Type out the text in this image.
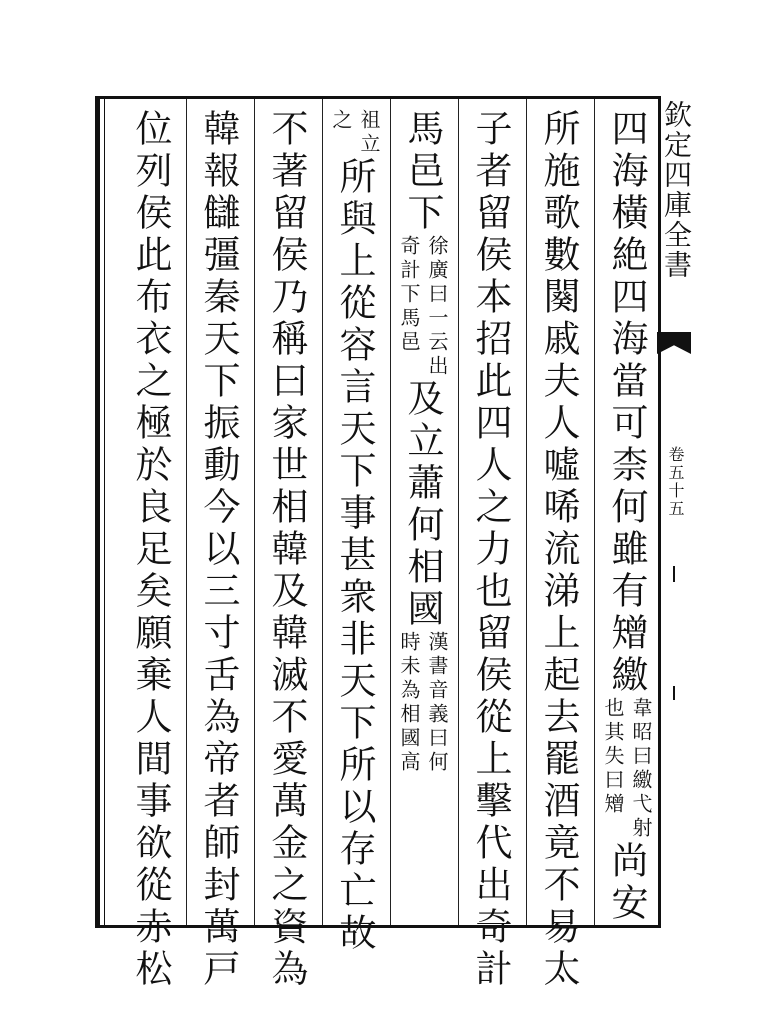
四海橫絶四海當可柰何雖有矰繳
韋昭曰繳弋射
也其失曰矰
尚安
所施歌數闋戚夫人噓唏流涕上起去罷酒竟不易太
子者留侯本招此四人之力也留侯從上擊代出奇計
馬邑下
徐廣曰一云出
奇計下馬邑
及立蕭何相國
漢書音義曰何
時未為相國高
祖立
之
所與上從容言天下事甚衆非天下所以存亡故
不著留侯乃稱曰家世相韓及韓滅不愛萬金之資為
韓報讎彊秦天下振動今以三寸舌為帝者師封萬戸
位列侯此布衣之極於良足矣願棄人間事欲從赤松	欽定四庫全書
卷五十五
